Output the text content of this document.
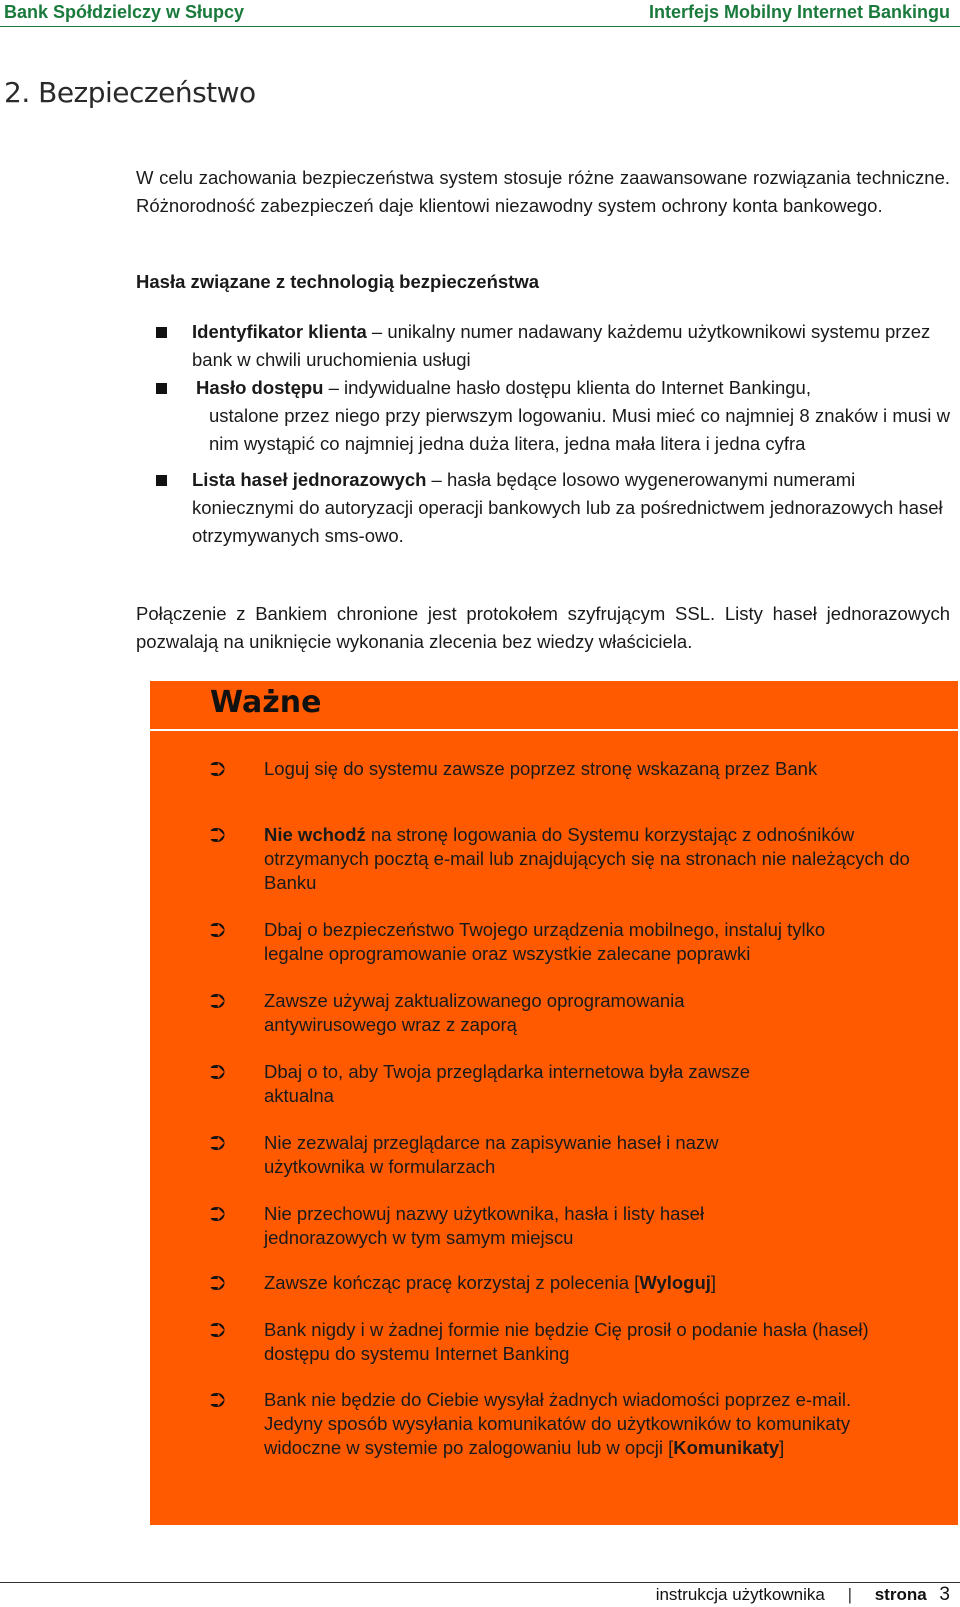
Bank Spółdzielczy w Słupcy	Interfejs Mobilny Internet Bankingu
2. Bezpieczeństwo
W celu zachowania bezpieczeństwa system stosuje różne zaawansowane rozwiązania techniczne. Różnorodność zabezpieczeń daje klientowi niezawodny system ochrony konta bankowego.
Hasła związane z technologią bezpieczeństwa
Identyfikator klienta – unikalny numer nadawany każdemu użytkownikowi systemu przez bank w chwili uruchomienia usługi
Hasło dostępu – indywidualne hasło dostępu klienta do Internet Bankingu,
ustalone przez niego przy pierwszym logowaniu. Musi mieć co najmniej 8 znaków i musi w nim wystąpić co najmniej jedna duża litera, jedna mała litera i jedna cyfra
Lista haseł jednorazowych – hasła będące losowo wygenerowanymi numerami koniecznymi do autoryzacji operacji bankowych lub za pośrednictwem jednorazowych haseł otrzymywanych sms-owo.
Połączenie z Bankiem chronione jest protokołem szyfrującym SSL. Listy haseł jednorazowych pozwalają na uniknięcie wykonania zlecenia bez wiedzy właściciela.
Ważne
⮊ Loguj się do systemu zawsze poprzez stronę wskazaną przez Bank
⮊ Nie wchodź na stronę logowania do Systemu korzystając z odnośników otrzymanych pocztą e-mail lub znajdujących się na stronach nie należących do Banku
⮊ Dbaj o bezpieczeństwo Twojego urządzenia mobilnego, instaluj tylko legalne oprogramowanie oraz wszystkie zalecane poprawki
⮊ Zawsze używaj zaktualizowanego oprogramowania antywirusowego wraz z zaporą
⮊ Dbaj o to, aby Twoja przeglądarka internetowa była zawsze aktualna
⮊ Nie zezwalaj przeglądarce na zapisywanie haseł i nazw użytkownika w formularzach
⮊ Nie przechowuj nazwy użytkownika, hasła i listy haseł jednorazowych w tym samym miejscu
⮊ Zawsze kończąc pracę korzystaj z polecenia [Wyloguj]
⮊ Bank nigdy i w żadnej formie nie będzie Cię prosił o podanie hasła (haseł) dostępu do systemu Internet Banking
⮊ Bank nie będzie do Ciebie wysyłał żadnych wiadomości poprzez e-mail. Jedyny sposób wysyłania komunikatów do użytkowników to komunikaty widoczne w systemie po zalogowaniu lub w opcji [Komunikaty]
instrukcja użytkownika | strona 3
